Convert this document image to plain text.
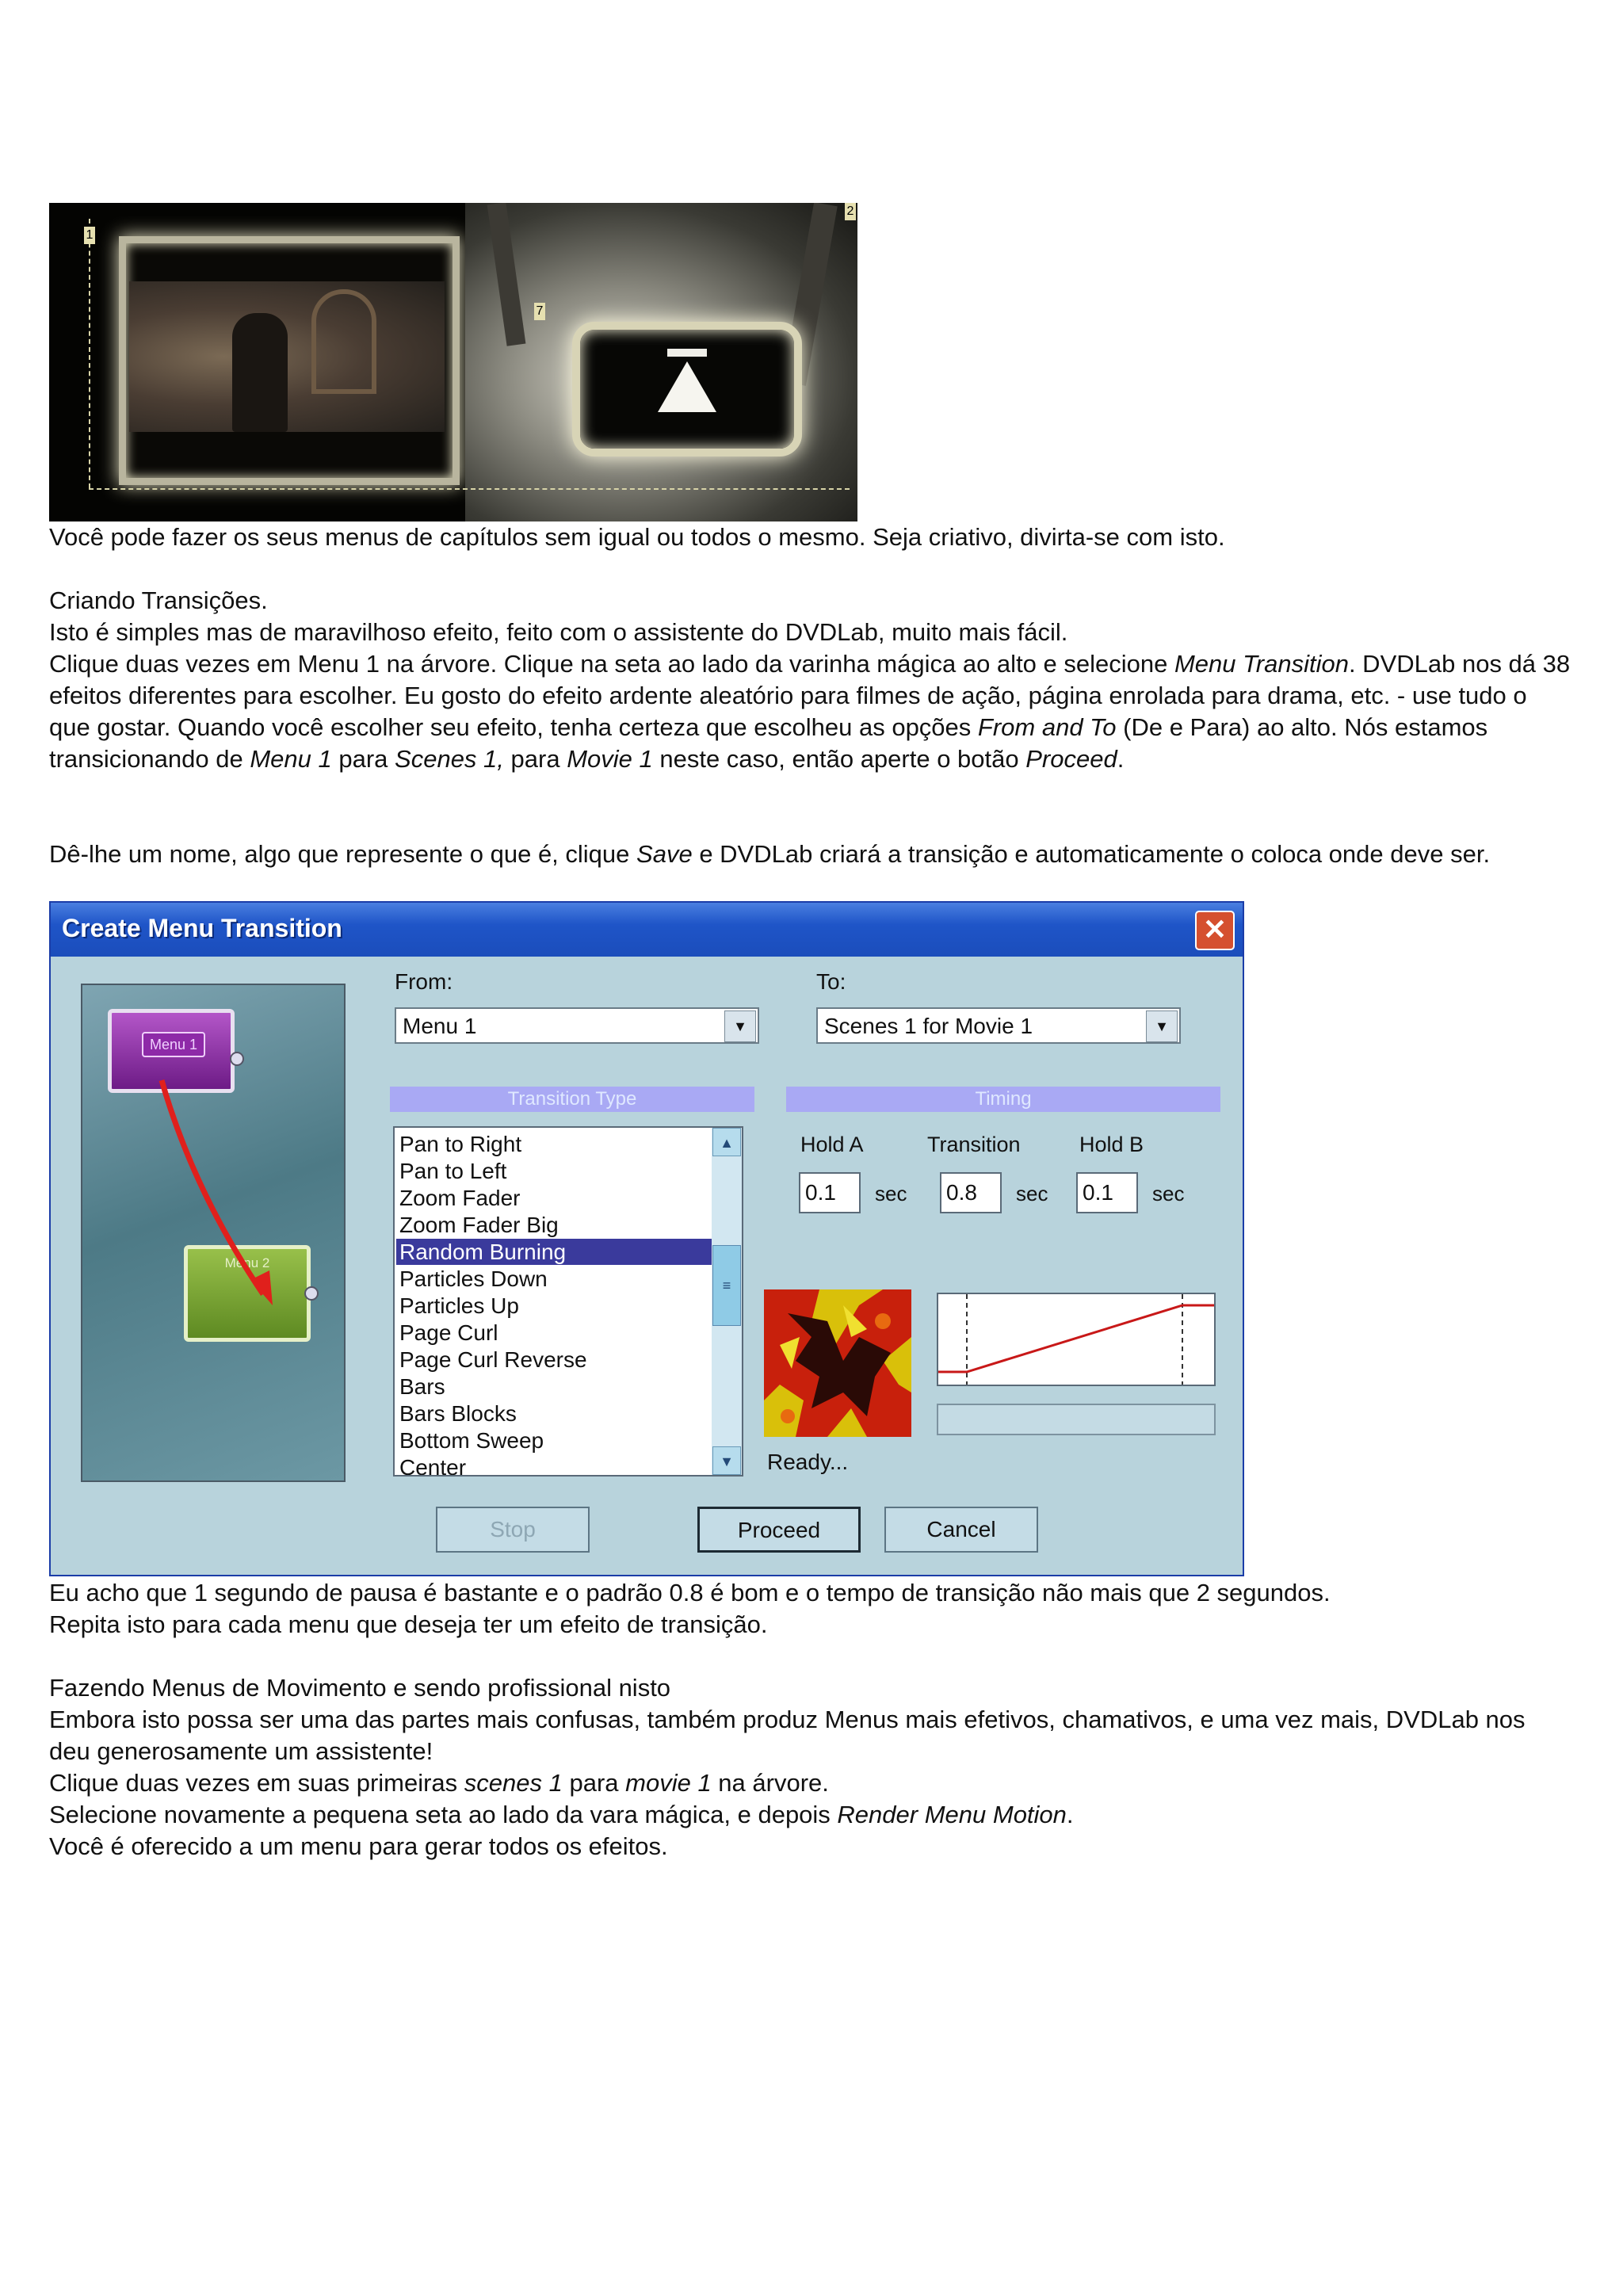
1
7
2

Você pode fazer os seus menus de capítulos sem igual ou todos o mesmo. Seja criativo, divirta-se com isto.

Criando Transições.

Isto é simples mas de maravilhoso efeito, feito com o assistente do DVDLab, muito mais fácil.

Clique duas vezes em Menu 1 na árvore. Clique na seta ao lado da varinha mágica ao alto e selecione Menu Transition. DVDLab nos dá 38 efeitos diferentes para escolher. Eu gosto do efeito ardente aleatório para filmes de ação, página enrolada para drama, etc. - use tudo o que gostar. Quando você escolher seu efeito, tenha certeza que escolheu as opções From and To (De e Para) ao alto. Nós estamos transicionando de Menu 1 para Scenes 1, para Movie 1 neste caso, então aperte o botão Proceed.

Dê-lhe um nome, algo que represente o que é, clique Save e DVDLab criará a transição e automaticamente o coloca onde deve ser.

Create Menu Transition	✕
Menu 1
Menu 2
From:
Menu 1	▼
To:
Scenes 1 for Movie 1	▼
Transition Type	Timing
Pan to Right
Pan to Left
Zoom Fader
Zoom Fader Big
Random Burning
Particles Down
Particles Up
Page Curl
Page Curl Reverse
Bars
Bars Blocks
Bottom Sweep
Center
▲
≡
▼
Hold A	Transition	Hold B
0.1	sec 0.8	sec 0.1	sec
Ready...
Stop	Proceed	Cancel

Eu acho que 1 segundo de pausa é bastante e o padrão 0.8 é bom e o tempo de transição não mais que 2 segundos.
Repita isto para cada menu que deseja ter um efeito de transição.

Fazendo Menus de Movimento e sendo profissional nisto

Embora isto possa ser uma das partes mais confusas, também produz Menus mais efetivos, chamativos, e uma vez mais, DVDLab nos deu generosamente um assistente!

Clique duas vezes em suas primeiras scenes 1 para movie 1 na árvore.

Selecione novamente a pequena seta ao lado da vara mágica, e depois Render Menu Motion.

Você é oferecido a um menu para gerar todos os efeitos.
